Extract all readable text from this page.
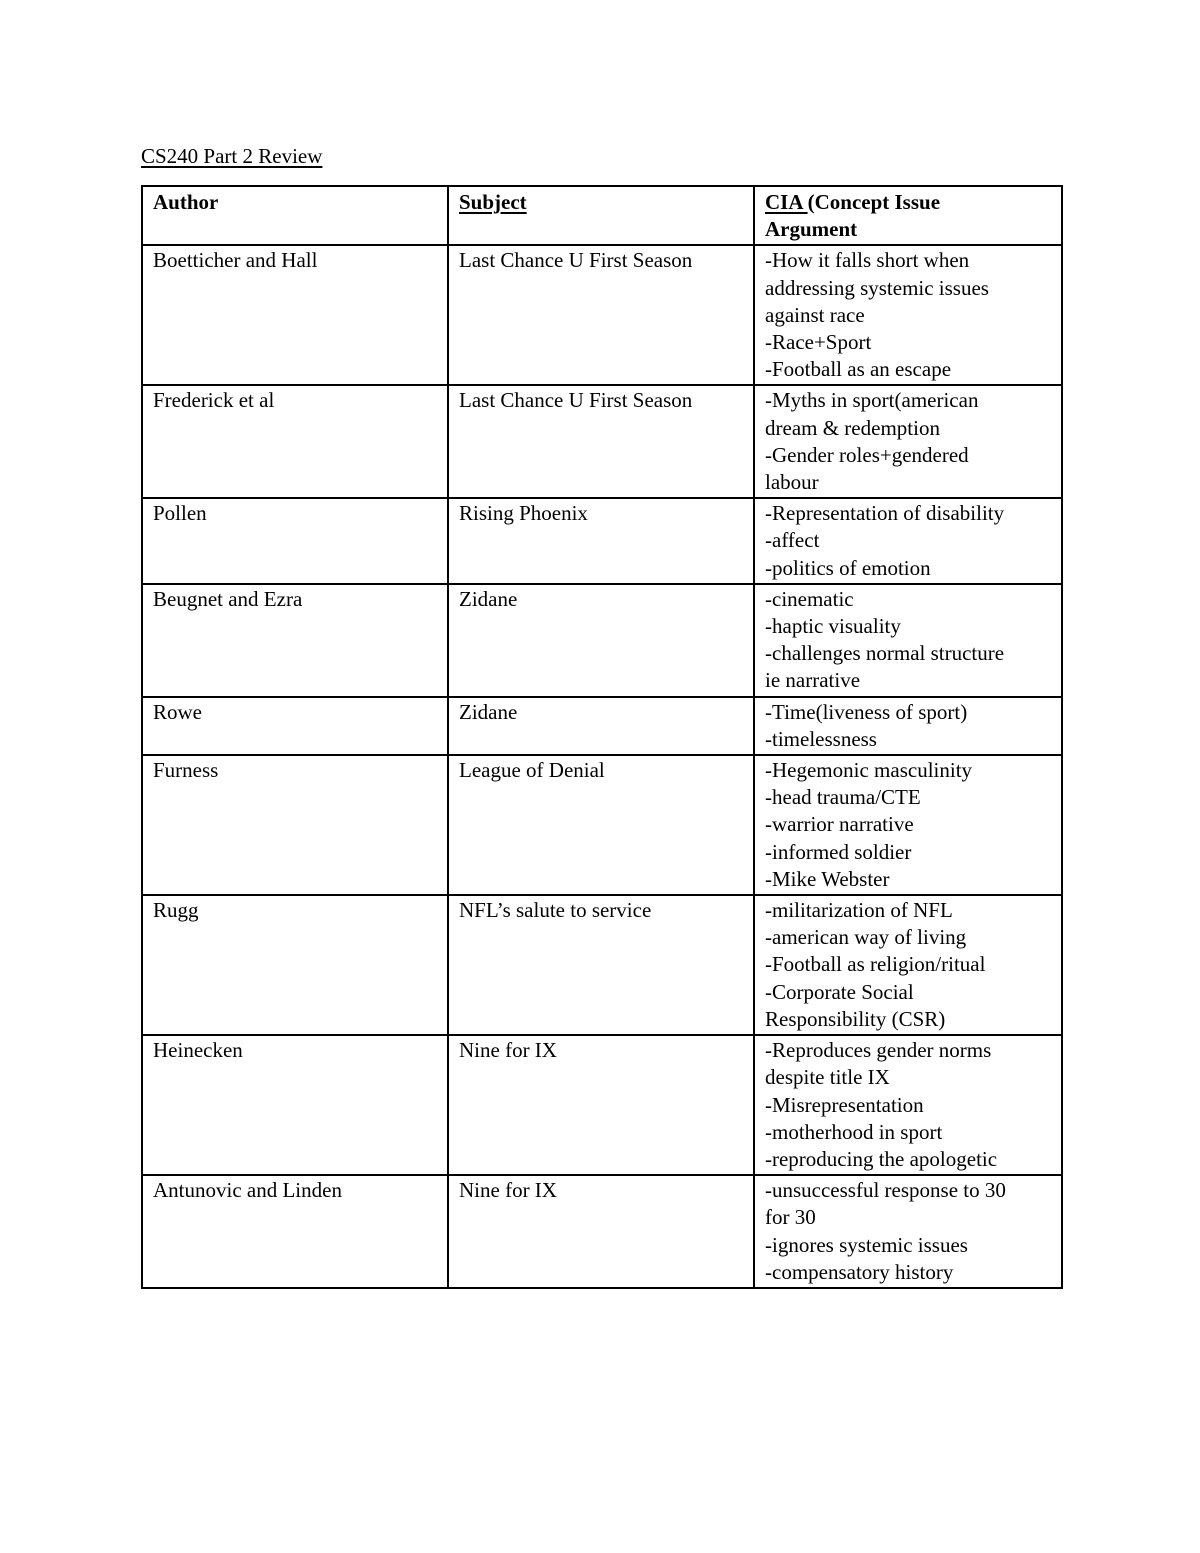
CS240 Part 2 Review
Author	Subject	CIA (Concept Issue
Argument

Boetticher and Hall	Last Chance U First Season	-How it falls short when
addressing systemic issues
against race
-Race+Sport
-Football as an escape

Frederick et al	Last Chance U First Season	-Myths in sport(american
dream & redemption
-Gender roles+gendered
labour

Pollen	Rising Phoenix	-Representation of disability
-affect
-politics of emotion

Beugnet and Ezra	Zidane	-cinematic
-haptic visuality
-challenges normal structure
ie narrative

Rowe	Zidane	-Time(liveness of sport)
-timelessness

Furness	League of Denial	-Hegemonic masculinity
-head trauma/CTE
-warrior narrative
-informed soldier
-Mike Webster

Rugg	NFL’s salute to service	-militarization of NFL
-american way of living
-Football as religion/ritual
-Corporate Social
Responsibility (CSR)

Heinecken	Nine for IX	-Reproduces gender norms
despite title IX
-Misrepresentation
-motherhood in sport
-reproducing the apologetic

Antunovic and Linden	Nine for IX	-unsuccessful response to 30
for 30
-ignores systemic issues
-compensatory history
